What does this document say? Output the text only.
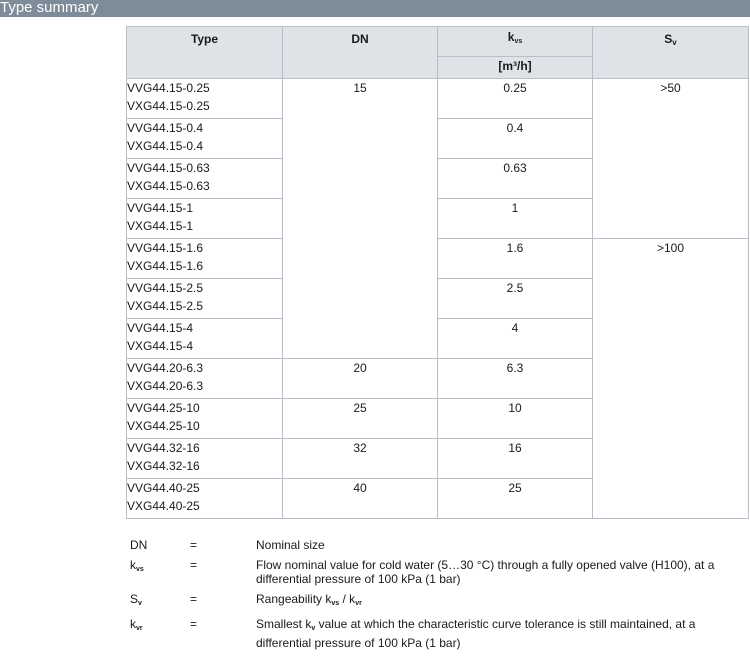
Type summary
Type	DN	$k_{vs}$	$S_v$
		[m³/h]	

VVG44.15-0.25
VXG44.15-0.25	15	0.25	>50

VVG44.15-0.4
VXG44.15-0.4		0.4	

VVG44.15-0.63
VXG44.15-0.63		0.63	

VVG44.15-1
VXG44.15-1		1	

VVG44.15-1.6
VXG44.15-1.6		1.6	>100

VVG44.15-2.5
VXG44.15-2.5		2.5	

VVG44.15-4
VXG44.15-4		4	

VVG44.20-6.3
VXG44.20-6.3	20	6.3	

VVG44.25-10
VXG44.25-10	25	10	

VVG44.32-16
VXG44.32-16	32	16	

VVG44.40-25
VXG44.40-25	40	25	
DN	=	Nominal size
$k_{vs}$	=	Flow nominal value for cold water (5…30 °C) through a fully opened valve (H100), at a differential pressure of 100 kPa (1 bar)
$S_v$	=	Rangeability $k_{vs} / k_{vr}$
$k_{vr}$	=	Smallest $k_v$ value at which the characteristic curve tolerance is still maintained, at a differential pressure of 100 kPa (1 bar)
